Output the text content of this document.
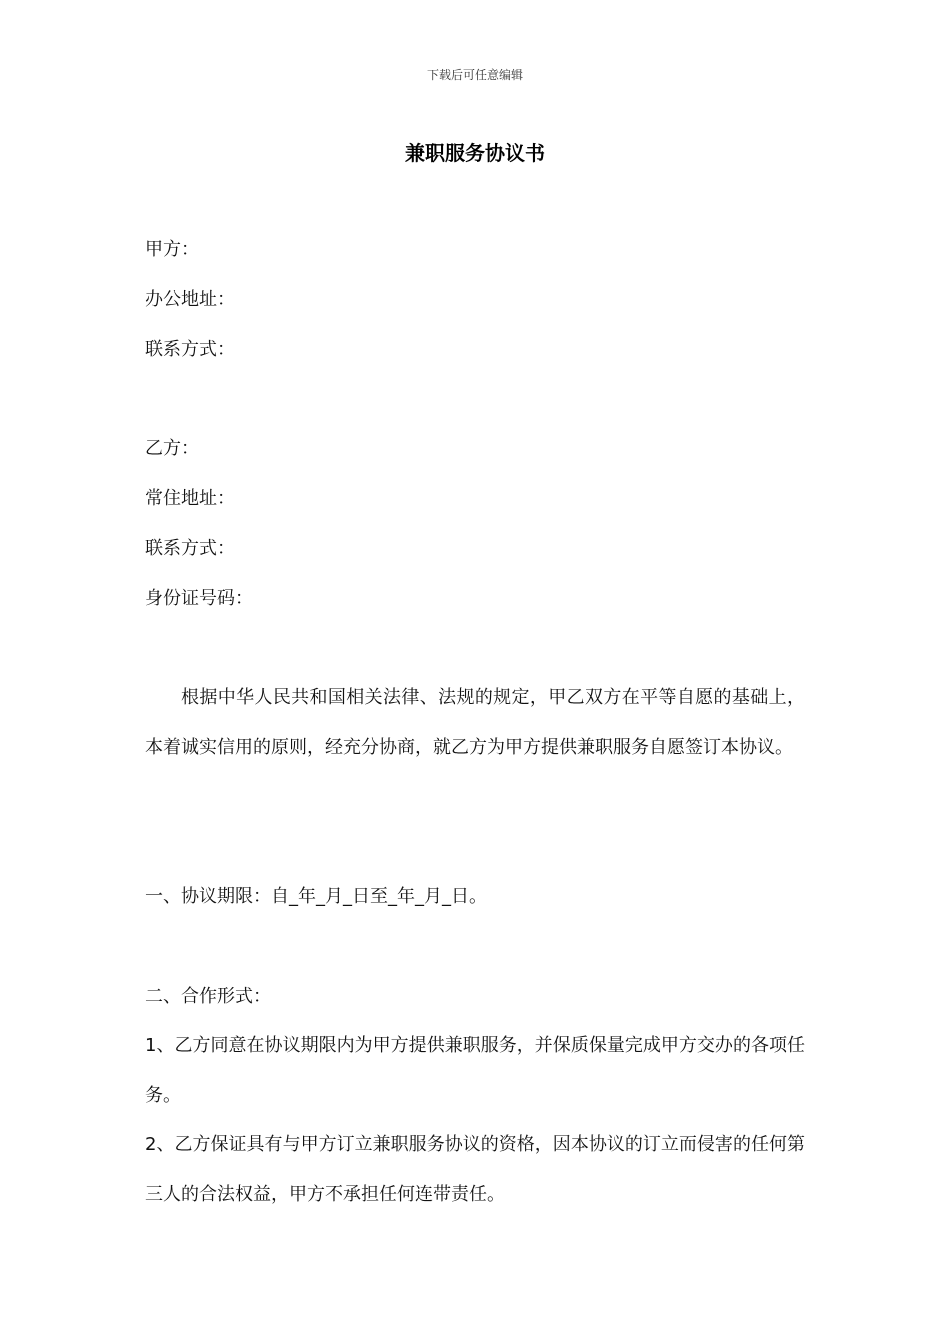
下载后可任意编辑
兼职服务协议书
甲方：
办公地址：
联系方式：
乙方：
常住地址：
联系方式：
身份证号码：

根据中华人民共和国相关法律、法规的规定，甲乙双方在平等自愿的基础上，本着诚实信用的原则，经充分协商，就乙方为甲方提供兼职服务自愿签订本协议。

一、协议期限：自_年_月_日至_年_月_日。
二、合作形式：

1、乙方同意在协议期限内为甲方提供兼职服务，并保质保量完成甲方交办的各项任务。

2、乙方保证具有与甲方订立兼职服务协议的资格，因本协议的订立而侵害的任何第三人的合法权益，甲方不承担任何连带责任。
